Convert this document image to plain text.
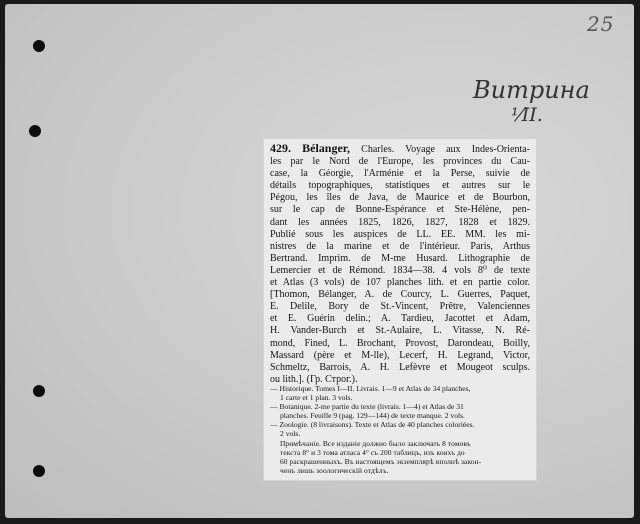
25
Витрина
⅟II.
429. Bélanger, Charles. Voyage aux Indes-Orienta-
les par le Nord de l'Europe, les provinces du Cau-
case, la Géorgie, l'Arménie et la Perse, suivie de
détails topographiques, statistiques et autres sur le
Pégou, les îles de Java, de Maurice et de Bourbon,
sur le cap de Bonne-Espérance et Ste-Hélène, pen-
dant les années 1825, 1826, 1827, 1828 et 1829.
Publié sous les auspices de LL. EE. MM. les mi-
nistres de la marine et de l'intérieur. Paris, Arthus
Bertrand. Imprim. de M-me Husard. Lithographie de
Lemercier et de Rémond. 1834—38. 4 vols 8⁰ de texte
et Atlas (3 vols) de 107 planches lith. et en partie color.
[Thomon, Bélanger, A. de Courcy, L. Guerres, Paquet,
E. Delile, Bory de St.-Vincent, Prêtre, Valenciennes
et E. Guérin delin.; A. Tardieu, Jacottet et Adam,
H. Vander-Burch et St.-Aulaire, L. Vitasse, N. Ré-
mond, Fined, L. Brochant, Provost, Darondeau, Boilly,
Massard (père et M-lle), Lecerf, H. Legrand, Victor,
Schmeltz, Barrois, A. H. Lefèvre et Mougeot sculps.
ou lith.]. (Гр. Строг.).
— Historique. Tomes I—II. Livrais. 1—9 et Atlas de 34 planches,
1 carte et 1 plan. 3 vols.
— Botanique. 2-me partie du texte (livrais. 1—4) et Atlas de 31
planches. Feuille 9 (pag. 129—144) de texte manque. 2 vols.
— Zoologie. (8 livraisons). Texte et Atlas de 40 planches coloriées.
2 vols.
Примѣчаніе. Все изданіе должно было заключать 8 томовъ
текста 8° и 3 тома атласа 4° съ 200 таблицъ, изъ коихъ до
60 раскрашенныхъ. Въ настоящемъ экземплярѣ вполнѣ закон-
ченъ лишь зоологическій отдѣлъ.
